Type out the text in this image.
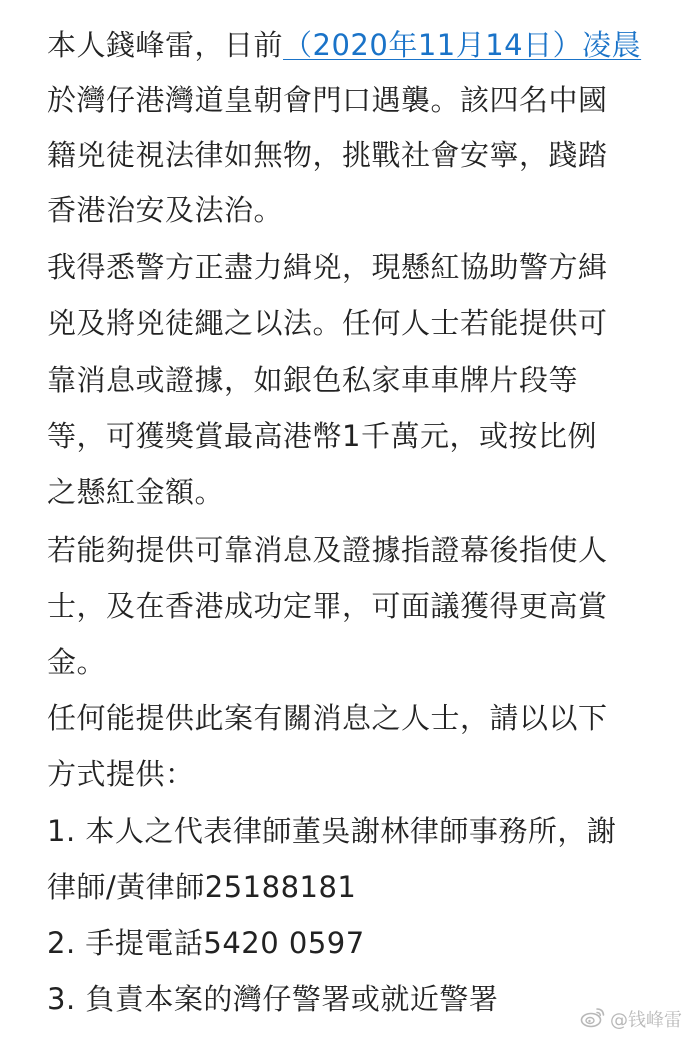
本人錢峰雷，日前（2020年11月14日）凌晨
於灣仔港灣道皇朝會門口遇襲。該四名中國
籍兇徒視法律如無物，挑戰社會安寧，踐踏
香港治安及法治。
我得悉警方正盡力緝兇，現懸紅協助警方緝
兇及將兇徒繩之以法。任何人士若能提供可
靠消息或證據，如銀色私家車車牌片段等
等，可獲獎賞最高港幣1千萬元，或按比例
之懸紅金額。
若能夠提供可靠消息及證據指證幕後指使人
士，及在香港成功定罪，可面議獲得更高賞
金。
任何能提供此案有關消息之人士，請以以下
方式提供：
1. 本人之代表律師董吳謝林律師事務所，謝
律師/黃律師25188181
2. 手提電話5420 0597
3. 負責本案的灣仔警署或就近警署
@钱峰雷
